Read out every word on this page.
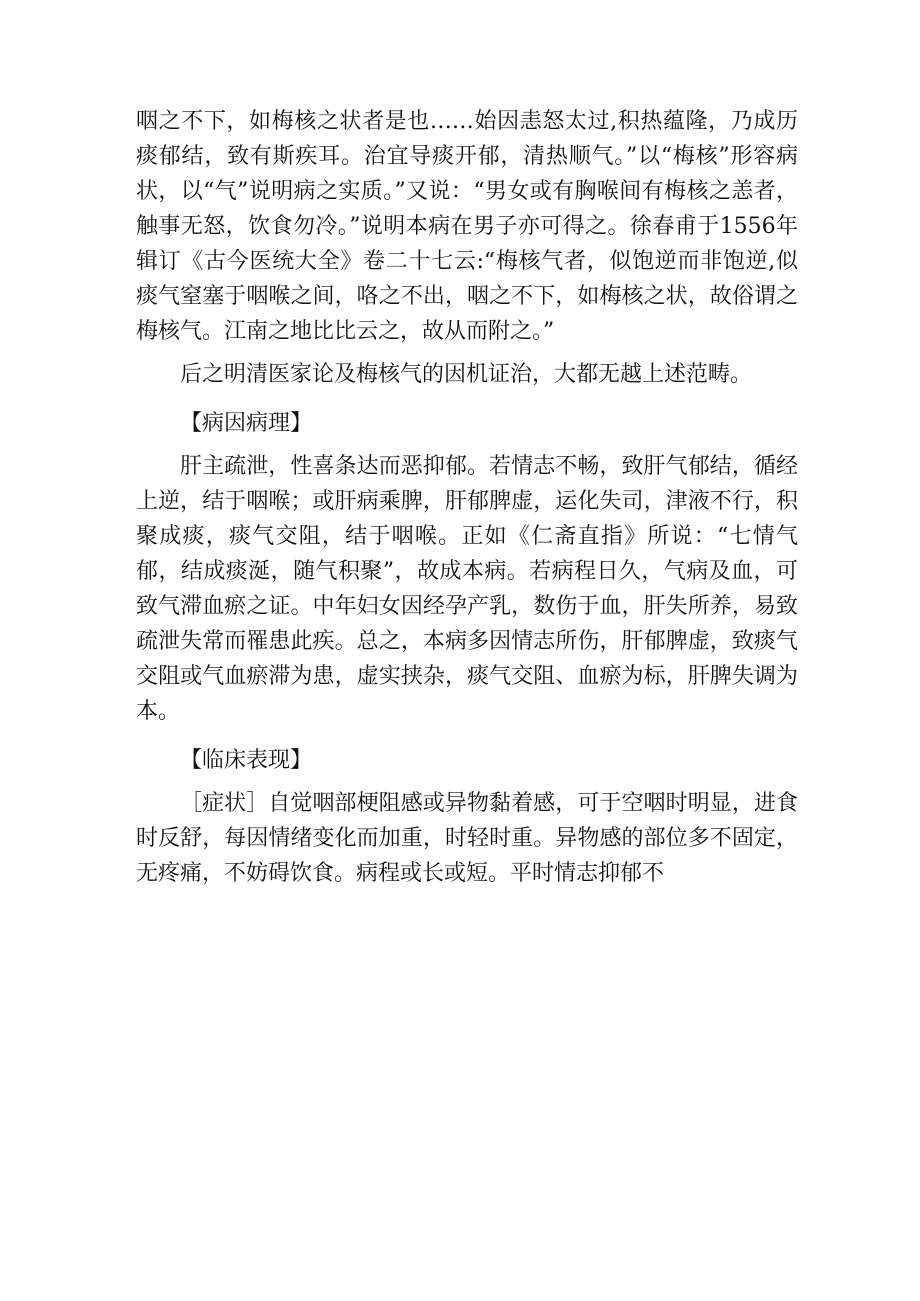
咽之不下，如梅核之状者是也……始因恚怒太过,积热蕴隆，乃成历痰郁结，致有斯疾耳。治宜导痰开郁，清热顺气。”以“梅核”形容病状，以“气”说明病之实质。”又说：“男女或有胸喉间有梅核之恙者，触事无怒，饮食勿冷。”说明本病在男子亦可得之。徐春甫于1556年辑订《古今医统大全》卷二十七云:“梅核气者，似饱逆而非饱逆,似痰气窒塞于咽喉之间，咯之不出，咽之不下，如梅核之状，故俗谓之梅核气。江南之地比比云之，故从而附之。”

后之明清医家论及梅核气的因机证治，大都无越上述范畴。

【病因病理】

肝主疏泄，性喜条达而恶抑郁。若情志不畅，致肝气郁结，循经上逆，结于咽喉；或肝病乘脾，肝郁脾虚，运化失司，津液不行，积聚成痰，痰气交阻，结于咽喉。正如《仁斋直指》所说：“七情气郁，结成痰涎，随气积聚”，故成本病。若病程日久，气病及血，可致气滞血瘀之证。中年妇女因经孕产乳，数伤于血，肝失所养，易致疏泄失常而罹患此疾。总之，本病多因情志所伤，肝郁脾虚，致痰气交阻或气血瘀滞为患，虚实挟杂，痰气交阻、血瘀为标，肝脾失调为本。

【临床表现】

［症状］自觉咽部梗阻感或异物黏着感，可于空咽时明显，进食时反舒，每因情绪变化而加重，时轻时重。异物感的部位多不固定，无疼痛，不妨碍饮食。病程或长或短。平时情志抑郁不
